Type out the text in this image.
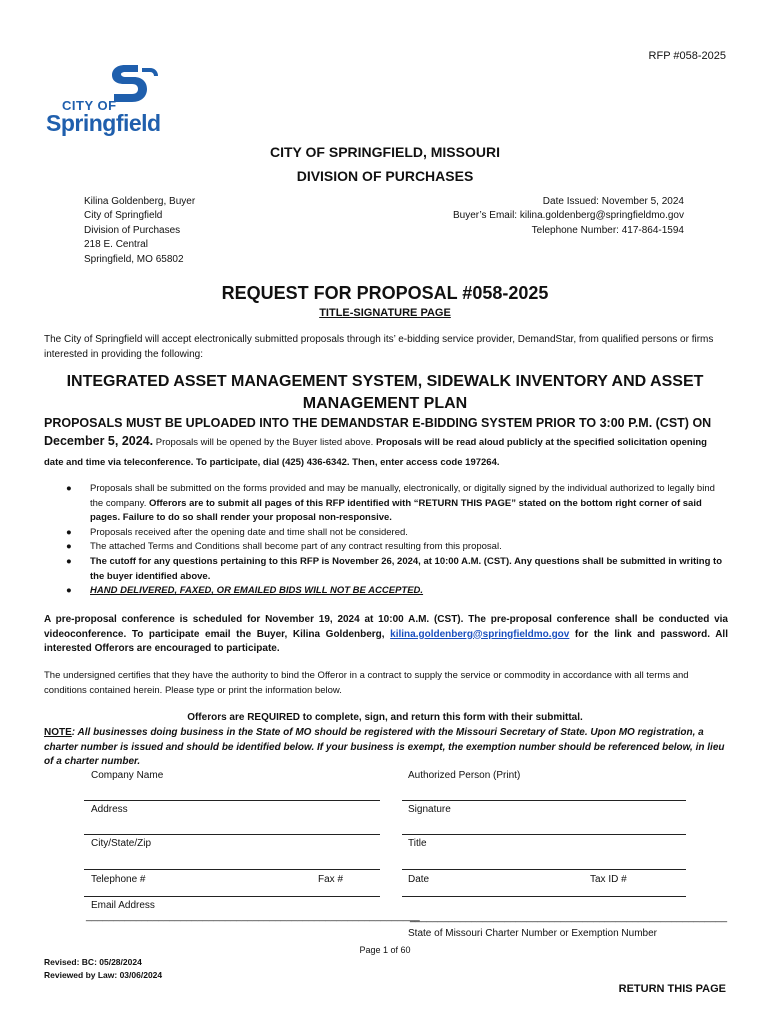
RFP #058-2025
CITY OF
Springfield
CITY OF SPRINGFIELD, MISSOURI
DIVISION OF PURCHASES
Kilina Goldenberg, Buyer
City of Springfield
Division of Purchases
218 E. Central
Springfield, MO 65802
Date Issued: November 5, 2024
Buyer’s Email: kilina.goldenberg@springfieldmo.gov
Telephone Number: 417-864-1594
REQUEST FOR PROPOSAL #058-2025
TITLE-SIGNATURE PAGE
The City of Springfield will accept electronically submitted proposals through its’ e-bidding service provider, DemandStar, from qualified persons or firms interested in providing the following:
INTEGRATED ASSET MANAGEMENT SYSTEM, SIDEWALK INVENTORY AND ASSET MANAGEMENT PLAN
PROPOSALS MUST BE UPLOADED INTO THE DEMANDSTAR E-BIDDING SYSTEM PRIOR TO 3:00 P.M. (CST) ON December 5, 2024. Proposals will be opened by the Buyer listed above. Proposals will be read aloud publicly at the specified solicitation opening date and time via teleconference. To participate, dial (425) 436-6342. Then, enter access code 197264.
● Proposals shall be submitted on the forms provided and may be manually, electronically, or digitally signed by the individual authorized to legally bind the company. Offerors are to submit all pages of this RFP identified with “RETURN THIS PAGE” stated on the bottom right corner of said pages. Failure to do so shall render your proposal non-responsive.
● Proposals received after the opening date and time shall not be considered.
● The attached Terms and Conditions shall become part of any contract resulting from this proposal.
● The cutoff for any questions pertaining to this RFP is November 26, 2024, at 10:00 A.M. (CST). Any questions shall be submitted in writing to the buyer identified above.
● HAND DELIVERED, FAXED, OR EMAILED BIDS WILL NOT BE ACCEPTED.
A pre-proposal conference is scheduled for November 19, 2024 at 10:00 A.M. (CST). The pre-proposal conference shall be conducted via videoconference. To participate email the Buyer, Kilina Goldenberg, kilina.goldenberg@springfieldmo.gov for the link and password. All interested Offerors are encouraged to participate.
The undersigned certifies that they have the authority to bind the Offeror in a contract to supply the service or commodity in accordance with all terms and conditions contained herein. Please type or print the information below.
Offerors are REQUIRED to complete, sign, and return this form with their submittal.
NOTE: All businesses doing business in the State of MO should be registered with the Missouri Secretary of State. Upon MO registration, a charter number is issued and should be identified below. If your business is exempt, the exemption number should be referenced below, in lieu of a charter number.
Company Name	Authorized Person (Print)
Address	Signature
City/State/Zip	Title
Telephone #	Fax #	Date	Tax ID #
Email Address
____________________________________________________________
_________________________________________________________
State of Missouri Charter Number or Exemption Number
Page 1 of 60
Revised: BC: 05/28/2024
Reviewed by Law: 03/06/2024
RETURN THIS PAGE
